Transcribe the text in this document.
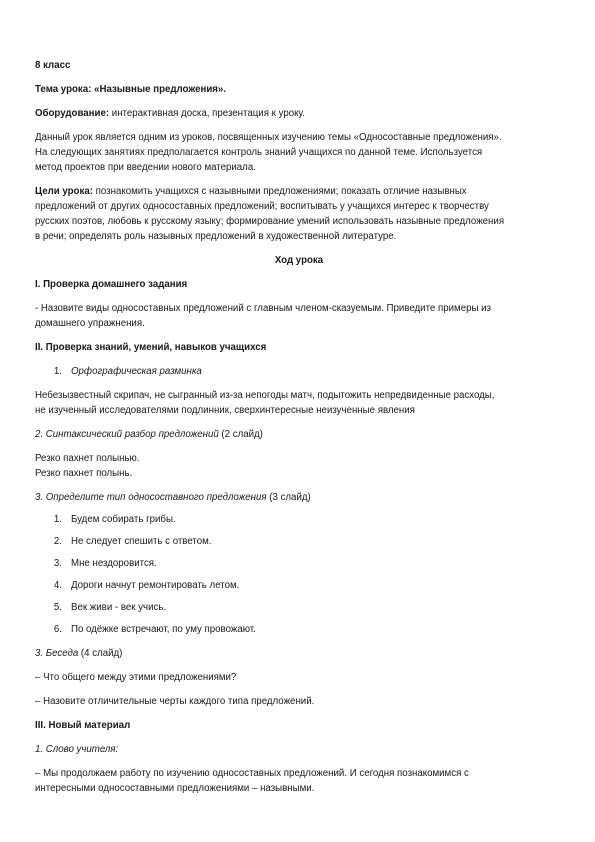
8 класс

Тема урока: «Назывные предложения».

Оборудование: интерактивная доска, презентация к уроку.

Данный урок является одним из уроков, посвященных изучению темы «Односоставные предложения».
На следующих занятиях предполагается контроль знаний учащихся по данной теме. Используется
метод проектов при введении нового материала.

Цели урока: познакомить учащихся с назывными предложениями; показать отличие назывных
предложений от других односоставных предложений; воспитывать у учащихся интерес к творчеству
русских поэтов, любовь к русскому языку; формирование умений использовать назывные предложения
в речи; определять роль назывных предложений в художественной литературе.

Ход урока

I. Проверка домашнего задания

- Назовите виды односоставных предложений с главным членом-сказуемым. Приведите примеры из
домашнего упражнения.

II. Проверка знаний, умений, навыков учащихся

1. Орфографическая разминка

Небезызвестный скрипач, не сыгранный из-за непогоды матч, подытожить непредвиденные расходы,
не изученный исследователями подлинник, сверхинтересные неизученные явления

2. Синтаксический разбор предложений (2 слайд)

Резко пахнет полынью.
Резко пахнет полынь.

3. Определите тип односоставного предложения (3 слайд)

1. Будем собирать грибы.
2. Не следует спешить с ответом.
3. Мне нездоровится.
4. Дороги начнут ремонтировать летом.
5. Век живи - век учись.
6. По одёжке встречают, по уму провожают.

3. Беседа (4 слайд)

– Что общего между этими предложениями?

– Назовите отличительные черты каждого типа предложений.

III. Новый материал

1. Слово учителя:

– Мы продолжаем работу по изучению односоставных предложений. И сегодня познакомимся с
интересными односоставными предложениями – назывными.
